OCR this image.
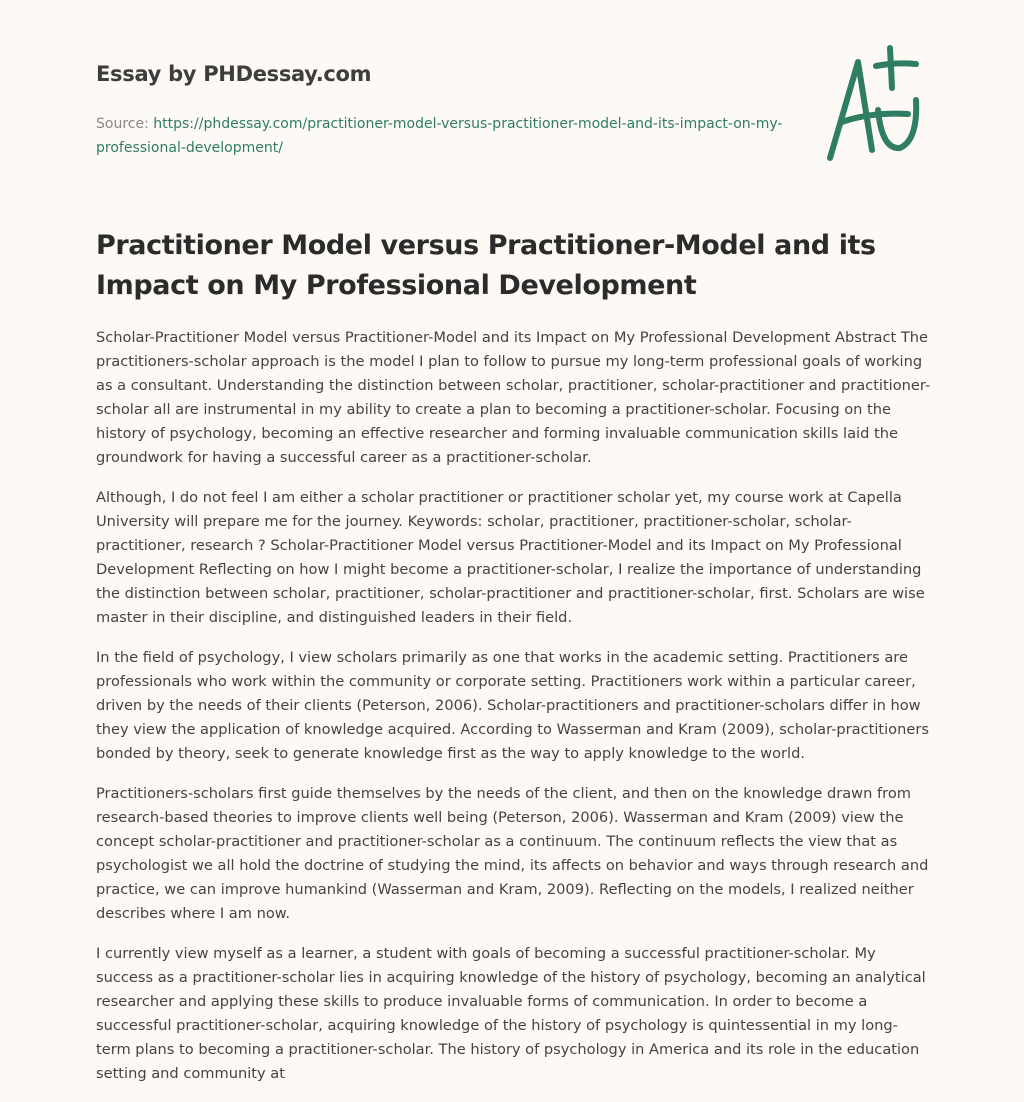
Essay by PHDessay.com
Source: https://phdessay.com/practitioner-model-versus-practitioner-model-and-its-impact-on-my-professional-development/
Practitioner Model versus Practitioner-Model and its Impact on My Professional Development

Scholar-Practitioner Model versus Practitioner-Model and its Impact on My Professional Development Abstract The practitioners-scholar approach is the model I plan to follow to pursue my long-term professional goals of working as a consultant. Understanding the distinction between scholar, practitioner, scholar-practitioner and practitioner-scholar all are instrumental in my ability to create a plan to becoming a practitioner-scholar. Focusing on the history of psychology, becoming an effective researcher and forming invaluable communication skills laid the groundwork for having a successful career as a practitioner-scholar.

Although, I do not feel I am either a scholar practitioner or practitioner scholar yet, my course work at Capella University will prepare me for the journey. Keywords: scholar, practitioner, practitioner-scholar, scholar-practitioner, research ? Scholar-Practitioner Model versus Practitioner-Model and its Impact on My Professional Development Reflecting on how I might become a practitioner-scholar, I realize the importance of understanding the distinction between scholar, practitioner, scholar-practitioner and practitioner-scholar, first. Scholars are wise master in their discipline, and distinguished leaders in their field.

In the field of psychology, I view scholars primarily as one that works in the academic setting. Practitioners are professionals who work within the community or corporate setting. Practitioners work within a particular career, driven by the needs of their clients (Peterson, 2006). Scholar-practitioners and practitioner-scholars differ in how they view the application of knowledge acquired. According to Wasserman and Kram (2009), scholar-practitioners bonded by theory, seek to generate knowledge first as the way to apply knowledge to the world.

Practitioners-scholars first guide themselves by the needs of the client, and then on the knowledge drawn from research-based theories to improve clients well being (Peterson, 2006). Wasserman and Kram (2009) view the concept scholar-practitioner and practitioner-scholar as a continuum. The continuum reflects the view that as psychologist we all hold the doctrine of studying the mind, its affects on behavior and ways through research and practice, we can improve humankind (Wasserman and Kram, 2009). Reflecting on the models, I realized neither describes where I am now.

I currently view myself as a learner, a student with goals of becoming a successful practitioner-scholar. My success as a practitioner-scholar lies in acquiring knowledge of the history of psychology, becoming an analytical researcher and applying these skills to produce invaluable forms of communication. In order to become a successful practitioner-scholar, acquiring knowledge of the history of psychology is quintessential in my long-term plans to becoming a practitioner-scholar. The history of psychology in America and its role in the education setting and community at
